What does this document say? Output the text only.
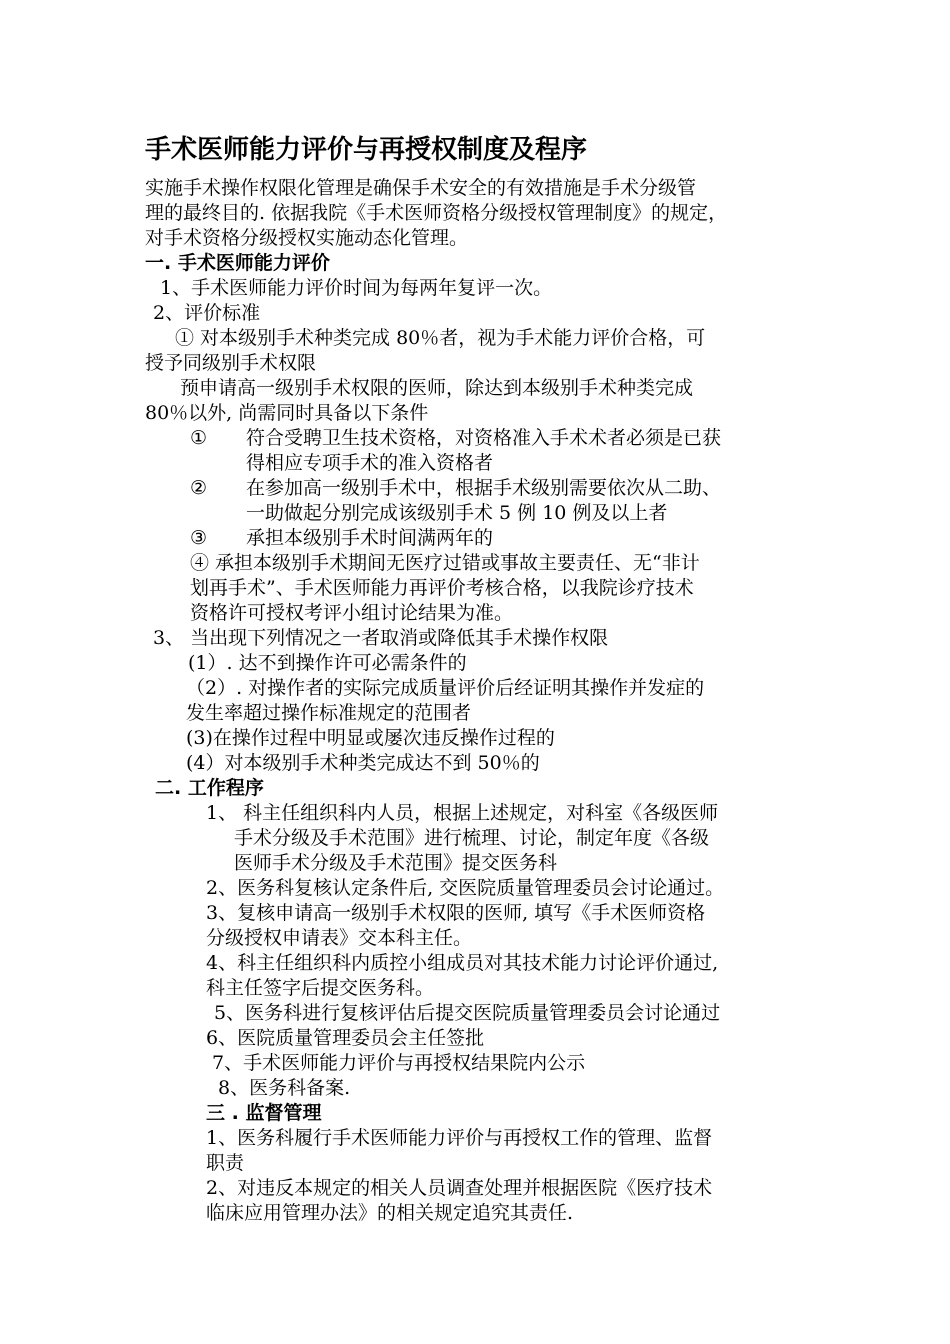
手术医师能力评价与再授权制度及程序
实施手术操作权限化管理是确保手术安全的有效措施是手术分级管
理的最终目的. 依据我院《手术医师资格分级授权管理制度》的规定，
对手术资格分级授权实施动态化管理。
一. 手术医师能力评价
1、手术医师能力评价时间为每两年复评一次。
2、评价标准
① 对本级别手术种类完成 80％者，视为手术能力评价合格，可
授予同级别手术权限
预申请高一级别手术权限的医师，除达到本级别手术种类完成
80％以外, 尚需同时具备以下条件
① 符合受聘卫生技术资格，对资格准入手术术者必须是已获
得相应专项手术的准入资格者
② 在参加高一级别手术中，根据手术级别需要依次从二助、
一助做起分别完成该级别手术 5 例 10 例及以上者
③ 承担本级别手术时间满两年的
④ 承担本级别手术期间无医疗过错或事故主要责任、无“非计
划再手术”、手术医师能力再评价考核合格，以我院诊疗技术
资格许可授权考评小组讨论结果为准。
3、 当出现下列情况之一者取消或降低其手术操作权限
(1）. 达不到操作许可必需条件的
（2）. 对操作者的实际完成质量评价后经证明其操作并发症的
发生率超过操作标准规定的范围者
(3)在操作过程中明显或屡次违反操作过程的
(4）对本级别手术种类完成达不到 50％的
二. 工作程序
1、 科主任组织科内人员，根据上述规定，对科室《各级医师
手术分级及手术范围》进行梳理、讨论，制定年度《各级
医师手术分级及手术范围》提交医务科
2、医务科复核认定条件后, 交医院质量管理委员会讨论通过。
3、复核申请高一级别手术权限的医师, 填写《手术医师资格
分级授权申请表》交本科主任。
4、科主任组织科内质控小组成员对其技术能力讨论评价通过,
科主任签字后提交医务科。
5、医务科进行复核评估后提交医院质量管理委员会讨论通过
6、医院质量管理委员会主任签批
7、手术医师能力评价与再授权结果院内公示
8、医务科备案.
三 . 监督管理
1、医务科履行手术医师能力评价与再授权工作的管理、监督
职责
2、对违反本规定的相关人员调查处理并根据医院《医疗技术
临床应用管理办法》的相关规定追究其责任.
